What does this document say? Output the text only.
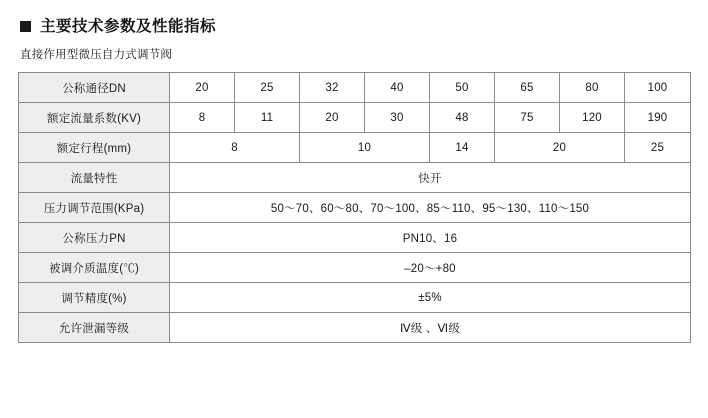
主要技术参数及性能指标
直接作用型微压自力式调节阀
公称通径DN	20	25	32	40	50	65	80	100
额定流量系数(KV)	8	11	20	30	48	75	120	190
额定行程(mm)	8		10		14	20		25
流量特性	快开							
压力调节范围(KPa)	50～70、60～80、70～100、85～110、95～130、110～150							
公称压力PN	PN10、16							
被调介质温度(℃)	–20～+80							
调节精度(%)	±5%							
允许泄漏等级	Ⅳ级 、Ⅵ级							
